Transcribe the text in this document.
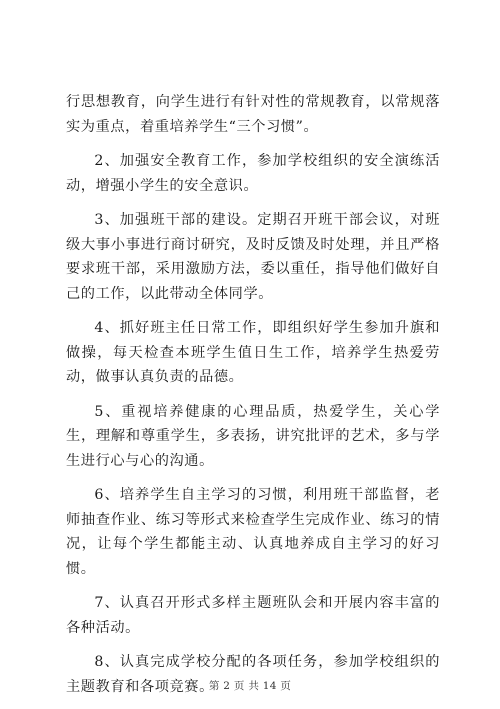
行思想教育，向学生进行有针对性的常规教育，以常规落实为重点，着重培养学生“三个习惯”。

2、加强安全教育工作，参加学校组织的安全演练活动，增强小学生的安全意识。

3、加强班干部的建设。定期召开班干部会议，对班级大事小事进行商讨研究，及时反馈及时处理，并且严格要求班干部，采用激励方法，委以重任，指导他们做好自己的工作，以此带动全体同学。

4、抓好班主任日常工作，即组织好学生参加升旗和做操，每天检查本班学生值日生工作，培养学生热爱劳动，做事认真负责的品德。

5、重视培养健康的心理品质，热爱学生，关心学生，理解和尊重学生，多表扬，讲究批评的艺术，多与学生进行心与心的沟通。

6、培养学生自主学习的习惯，利用班干部监督，老师抽查作业、练习等形式来检查学生完成作业、练习的情况，让每个学生都能主动、认真地养成自主学习的好习惯。

7、认真召开形式多样主题班队会和开展内容丰富的各种活动。

8、认真完成学校分配的各项任务，参加学校组织的主题教育和各项竞赛。

第 2 页 共 14 页
